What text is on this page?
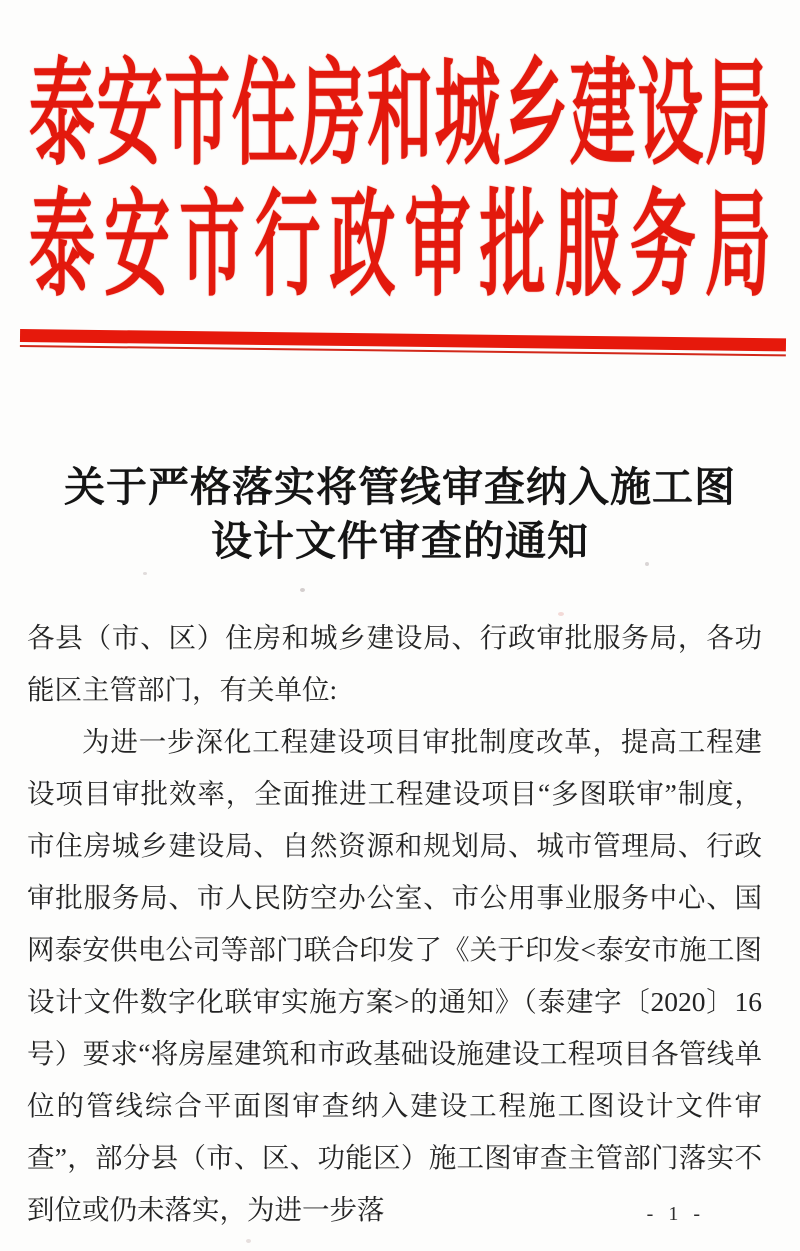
泰 安 市 住 房 和 城 乡 建 设 局
泰 安 市 行 政 审 批 服 务 局
关于严格落实将管线审查纳入施工图
设计文件审查的通知

各县（市、区）住房和城乡建设局、行政审批服务局，各功能区主管部门，有关单位:

为进一步深化工程建设项目审批制度改革，提高工程建设项目审批效率，全面推进工程建设项目“多图联审”制度，市住房城乡建设局、自然资源和规划局、城市管理局、行政审批服务局、市人民防空办公室、市公用事业服务中心、国网泰安供电公司等部门联合印发了《关于印发<泰安市施工图设计文件数字化联审实施方案>的通知》（泰建字〔2020〕16 号）要求“将房屋建筑和市政基础设施建设工程项目各管线单位的管线综合平面图审查纳入建设工程施工图设计文件审查”，部分县（市、区、功能区）施工图审查主管部门落实不到位或仍未落实，为进一步落	- 1 -
